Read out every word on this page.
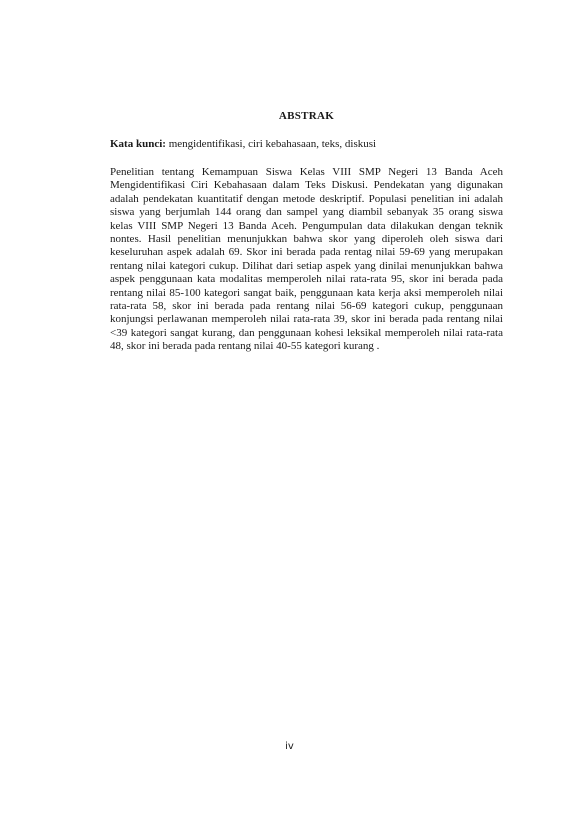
ABSTRAK
Kata kunci: mengidentifikasi, ciri kebahasaan, teks, diskusi

Penelitian tentang Kemampuan Siswa Kelas VIII SMP Negeri 13 Banda Aceh Mengidentifikasi Ciri Kebahasaan dalam Teks Diskusi. Pendekatan yang digunakan adalah pendekatan kuantitatif dengan metode deskriptif. Populasi penelitian ini adalah siswa yang berjumlah 144 orang dan sampel yang diambil sebanyak 35 orang siswa kelas VIII SMP Negeri 13 Banda Aceh. Pengumpulan data dilakukan dengan teknik nontes. Hasil penelitian menunjukkan bahwa skor yang diperoleh oleh siswa dari keseluruhan aspek adalah 69. Skor ini berada pada rentag nilai 59-69 yang merupakan rentang nilai kategori cukup. Dilihat dari setiap aspek yang dinilai menunjukkan bahwa aspek penggunaan kata modalitas memperoleh nilai rata-rata 95, skor ini berada pada rentang nilai 85-100 kategori sangat baik, penggunaan kata kerja aksi memperoleh nilai rata-rata 58, skor ini berada pada rentang nilai 56-69 kategori cukup, penggunaan konjungsi perlawanan memperoleh nilai rata-rata 39, skor ini berada pada rentang nilai <39 kategori sangat kurang, dan penggunaan kohesi leksikal memperoleh nilai rata-rata 48, skor ini berada pada rentang nilai 40-55 kategori kurang .

iv
